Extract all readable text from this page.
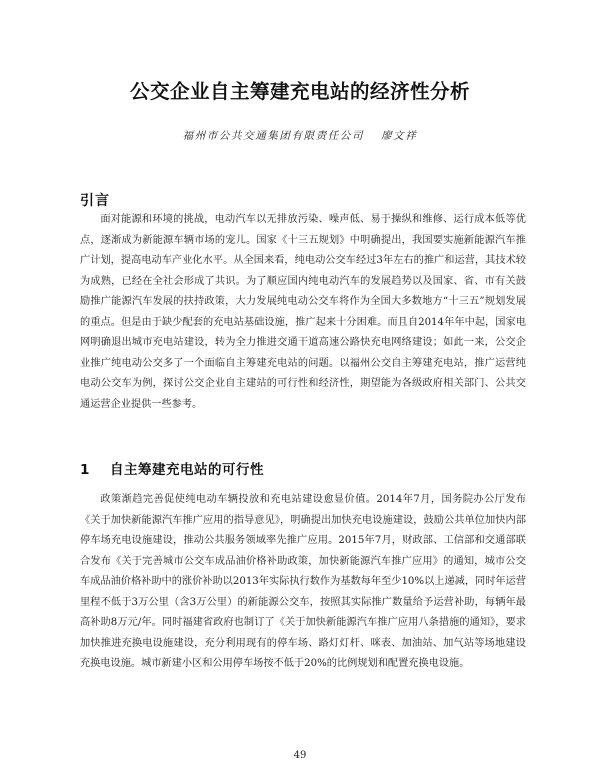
公交企业自主筹建充电站的经济性分析
福州市公共交通集团有限责任公司 廖文祥
引言
面对能源和环境的挑战，电动汽车以无排放污染、噪声低、易于操纵和维修、运行成本低等优点，逐渐成为新能源车辆市场的宠儿。国家《十三五规划》中明确提出，我国要实施新能源汽车推广计划，提高电动车产业化水平。从全国来看，纯电动公交车经过3年左右的推广和运营，其技术较为成熟，已经在全社会形成了共识。为了顺应国内纯电动汽车的发展趋势以及国家、省、市有关鼓励推广能源汽车发展的扶持政策，大力发展纯电动公交车将作为全国大多数地方“十三五”规划发展的重点。但是由于缺少配套的充电站基础设施，推广起来十分困难。而且自2014年年中起，国家电网明确退出城市充电站建设，转为全力推进交通干道高速公路快充电网络建设；如此一来，公交企业推广纯电动公交多了一个面临自主筹建充电站的问题。以福州公交自主筹建充电站，推广运营纯电动公交车为例，探讨公交企业自主建站的可行性和经济性，期望能为各级政府相关部门、公共交通运营企业提供一些参考。
1 自主筹建充电站的可行性
政策渐趋完善促使纯电动车辆投放和充电站建设愈显价值。2014年7月，国务院办公厅发布《关于加快新能源汽车推广应用的指导意见》，明确提出加快充电设施建设，鼓励公共单位加快内部停车场充电设施建设，推动公共服务领域率先推广应用。2015年7月，财政部、工信部和交通部联合发布《关于完善城市公交车成品油价格补助政策，加快新能源汽车推广应用》的通知，城市公交车成品油价格补助中的涨价补助以2013年实际执行数作为基数每年至少10%以上递减，同时年运营里程不低于3万公里（含3万公里）的新能源公交车，按照其实际推广数量给予运营补助，每辆年最高补助8万元/年。同时福建省政府也制订了《关于加快新能源汽车推广应用八条措施的通知》，要求加快推进充换电设施建设，充分利用现有的停车场、路灯灯杆、咪表、加油站、加气站等场地建设充换电设施。城市新建小区和公用停车场按不低于20%的比例规划和配置充换电设施。
49
